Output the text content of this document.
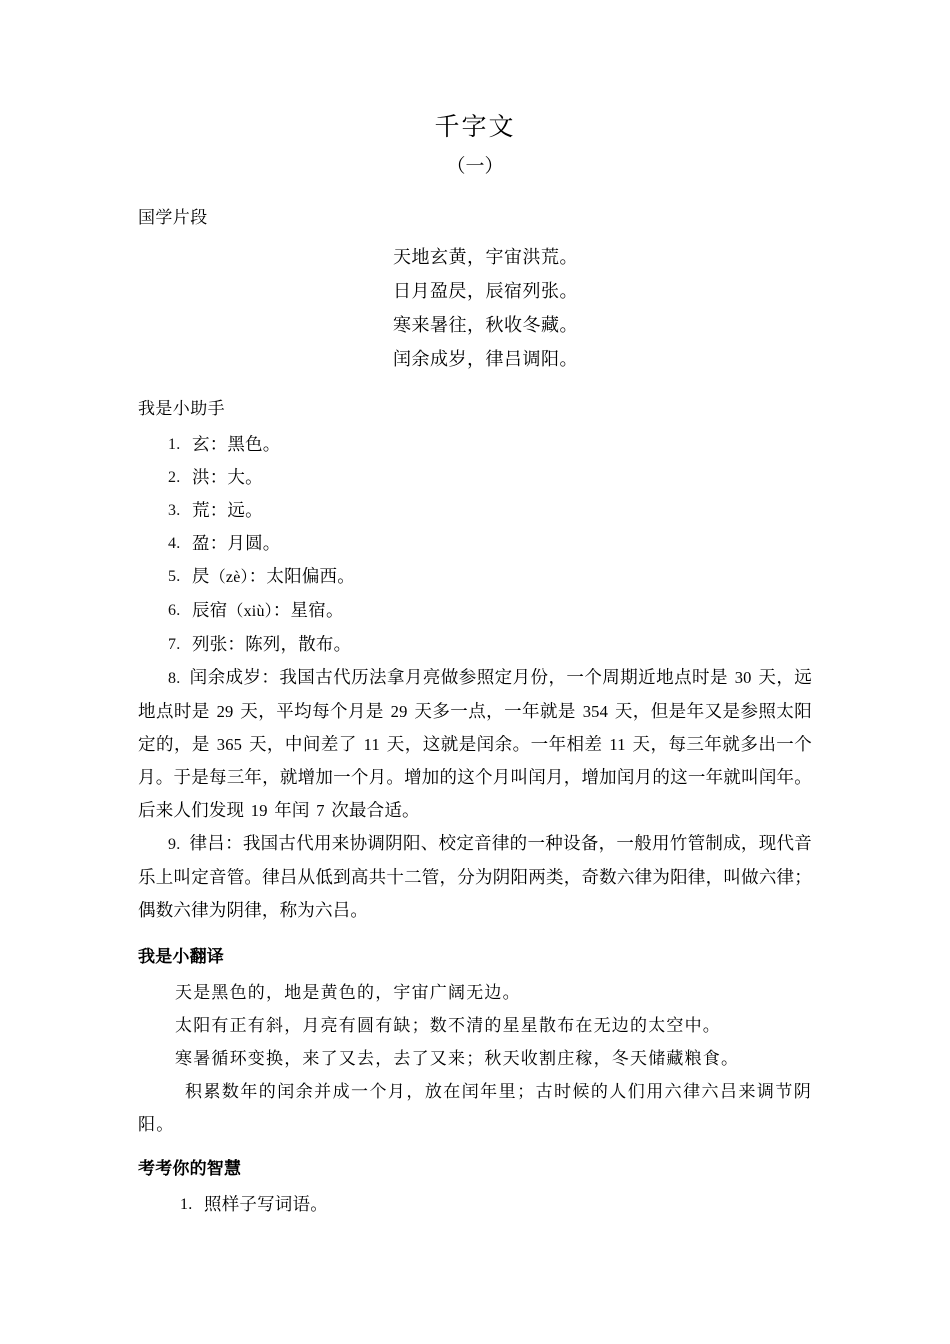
千字文
（一）
国学片段
天地玄黄，宇宙洪荒。
日月盈昃，辰宿列张。
寒来暑往，秋收冬藏。
闰余成岁，律吕调阳。
我是小助手
1. 玄：黑色。
2. 洪：大。
3. 荒：远。
4. 盈：月圆。
5. 昃（zè）：太阳偏西。
6. 辰宿（xiù）：星宿。
7. 列张：陈列，散布。
8. 闰余成岁：我国古代历法拿月亮做参照定月份，一个周期近地点时是 30 天，远地点时是 29 天，平均每个月是 29 天多一点，一年就是 354 天，但是年又是参照太阳定的，是 365 天，中间差了 11 天，这就是闰余。一年相差 11 天，每三年就多出一个月。于是每三年，就增加一个月。增加的这个月叫闰月，增加闰月的这一年就叫闰年。后来人们发现 19 年闰 7 次最合适。
9. 律吕：我国古代用来协调阴阳、校定音律的一种设备，一般用竹管制成，现代音乐上叫定音管。律吕从低到高共十二管，分为阴阳两类，奇数六律为阳律，叫做六律；偶数六律为阴律，称为六吕。
我是小翻译
天是黑色的，地是黄色的，宇宙广阔无边。
太阳有正有斜，月亮有圆有缺；数不清的星星散布在无边的太空中。
寒暑循环变换，来了又去，去了又来；秋天收割庄稼，冬天储藏粮食。
积累数年的闰余并成一个月，放在闰年里；古时候的人们用六律六吕来调节阴阳。
考考你的智慧
1. 照样子写词语。
